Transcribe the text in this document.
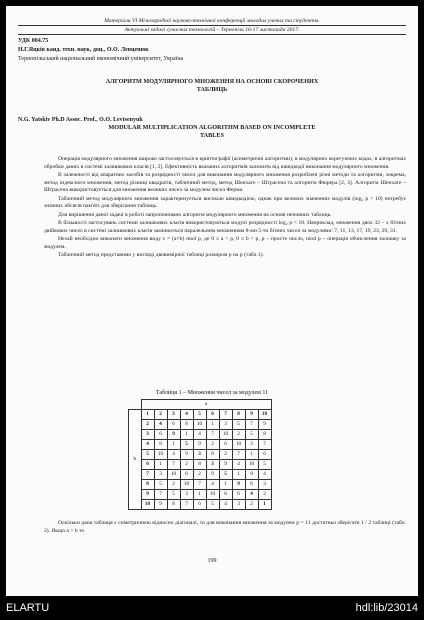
Матеріали VI Міжнародної науково-технічної конференції молодих учених та студентів.
Актуальні задачі сучасних технологій – Тернопіль 16-17 листопада 2017.
УДК 004.75
Н.Г.Яцків канд. техн. наук, доц., О.О. Левценюк
Тернопільський національний економічний університет, Україна
АЛГОРИТМ МОДУЛЯРНОГО МНОЖЕННЯ НА ОСНОВІ СКОРОЧЕНИХ
ТАБЛИЦЬ
N.G. Yatskiv Ph.D Assoc. Prof., O.O. Levtsenyuk
MODULAR MULTIPLICATION ALGORITHM BASED ON INCOMPLETE
TABLES

Операція модулярного множення широко застосовується в криптографії (асиметричні алгоритми), в модулярних корегуючих кодах, в алгоритмах обробки даних в системі залишкових класів [1, 2]. Ефективність вказаних алгоритмів залежить від швидкодії виконання модулярного множення.

В залежності від апаратних засобів та розрядності чисел для виконання модулярного множення розроблені різні методи та алгоритми, зокрема, метод індексного множення, метод різниці квадратів, табличний метод, метод Шенхаге – Штрасена та алгоритм Фюрера [2, 3]. Алгоритм Шенхаге – Штрасена використовується для множення великих чисел за модулем чисел Ферма.

Табличний метод модулярного множення характеризується високою швидкодією, однак при великих значеннях модулів (log₂ p > 10) потребує значних обсягів пам'яті для зберігання таблиць.

Для вирішення даної задачі в роботі запропоновано алгоритм модулярного множення на основі неповних таблиць.

В більшості застосувань системи залишкових класів використовуються модулі розрядності log₂ p < 10. Наприклад, множення двох 32 – х бітних двійкових чисел в системі залишкових класів замінюється паралельним множенням 8-ми 5-ти бітних чисел за модулями: 7, 11, 13, 17, 19, 23, 29, 31.

Нехай необхідно виконати множення виду c = (a×b) mod p, де 0 ≤ a < p, 0 ≤ b < p, p – просте число, mod p – операція обчислення залишку за модулем.

Табличний метод представимо у вигляді двовимірної таблиці розміром p на p (табл.1).

Таблиця 1 – Множення чисел за модулем 11
	a									
b	1	2	3	4	5	6	7	8	9	10
	2	4	6	8	10	1	3	5	7	9
	3	6	9	1	4	7	10	2	5	8
	4	8	1	5	9	2	6	10	3	7
	5	10	4	9	3	8	2	7	1	6
	6	1	7	2	8	3	9	4	10	5
	7	3	10	6	2	9	5	1	8	4
	8	5	2	10	7	4	1	9	6	3
	9	7	5	3	1	10	8	6	4	2
	10	9	8	7	6	5	4	3	2	1

Оскільки дана таблиця є симетричною відносно діагоналі, то для виконання множення за модулем p = 11 достатньо зберігати 1 / 2 таблиці (табл. 2). Якщо a > b то

199
ELARTU	hdl:lib/23014
